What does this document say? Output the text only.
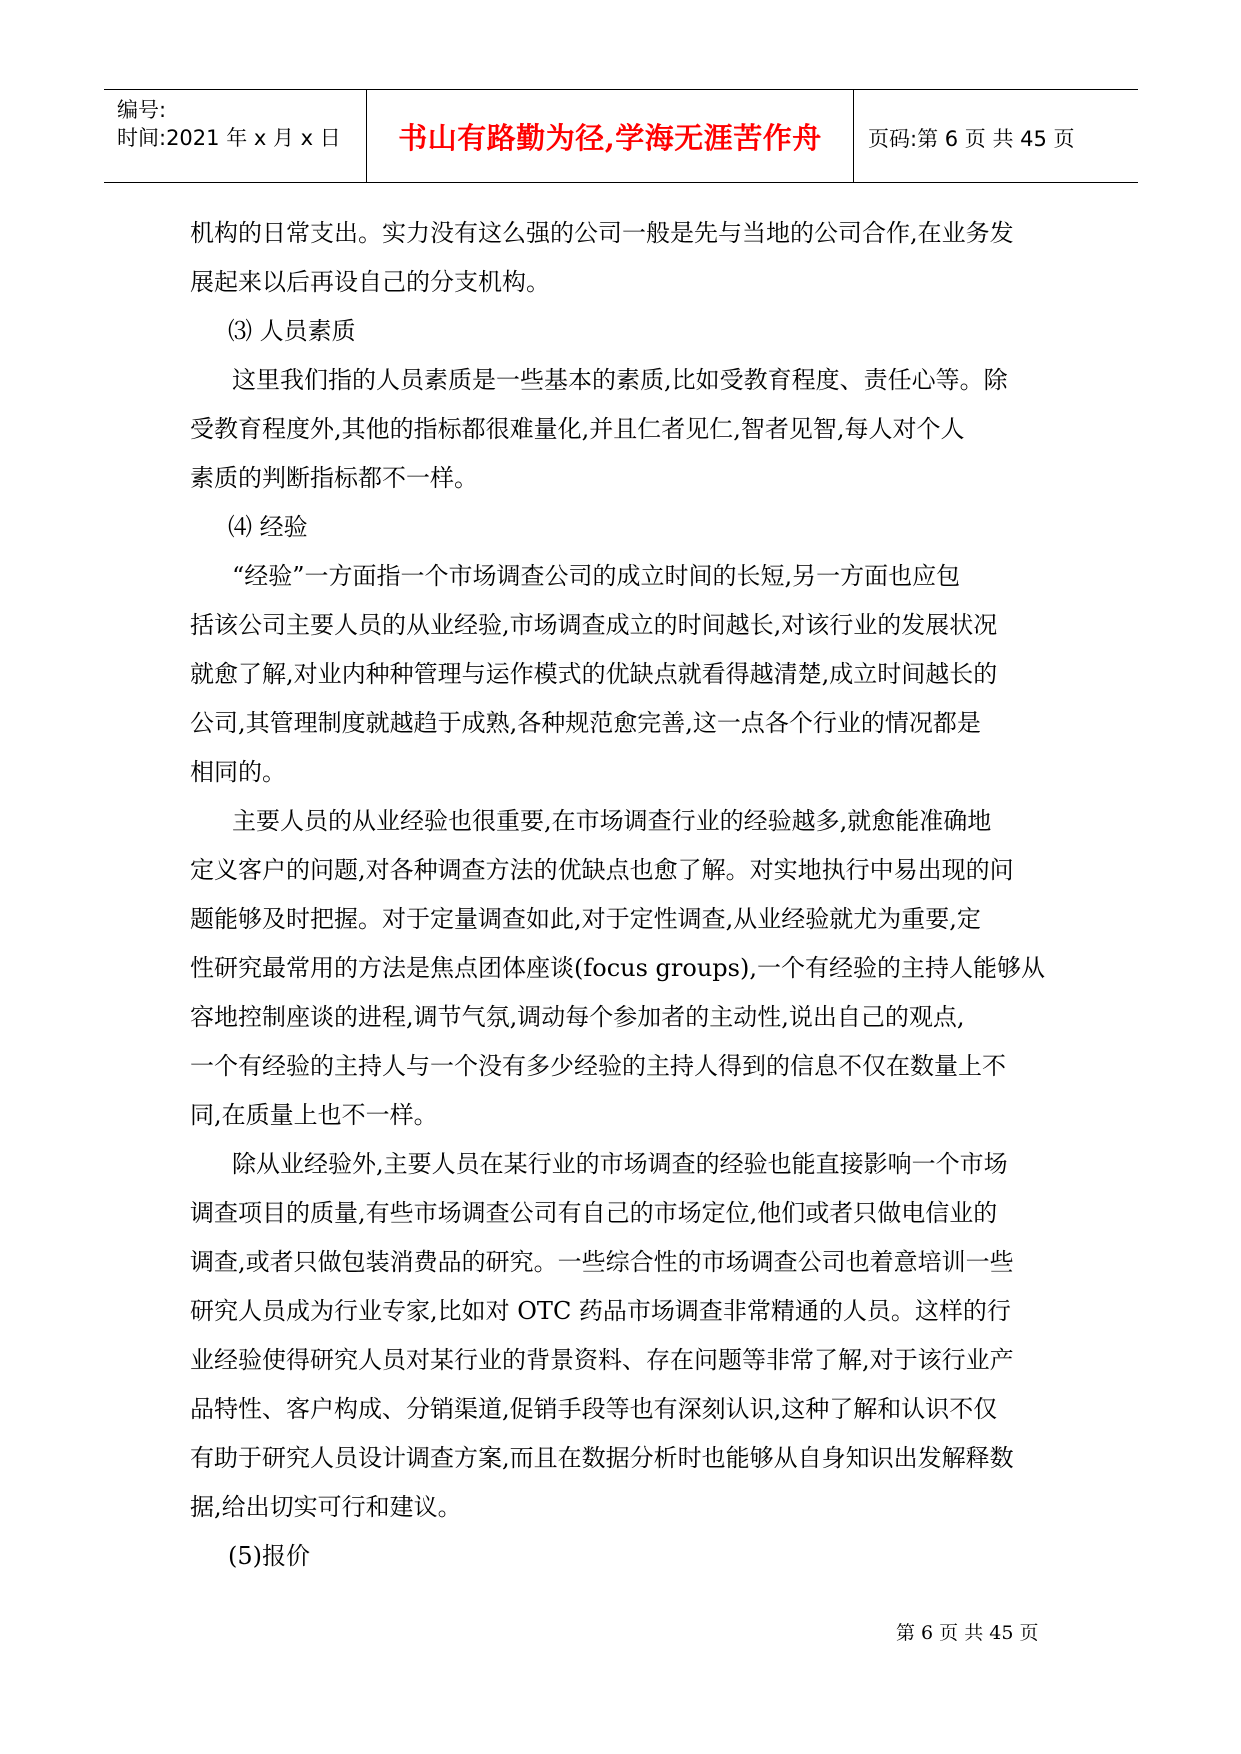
编号:
时间:2021 年 x 月 x 日	书山有路勤为径,学海无涯苦作舟	页码:第 6 页 共 45 页
机构的日常支出。实力没有这么强的公司一般是先与当地的公司合作,在业务发
展起来以后再设自己的分支机构。
⑶ 人员素质
这里我们指的人员素质是一些基本的素质,比如受教育程度、责任心等。除
受教育程度外,其他的指标都很难量化,并且仁者见仁,智者见智,每人对个人
素质的判断指标都不一样。
⑷ 经验
“经验”一方面指一个市场调查公司的成立时间的长短,另一方面也应包
括该公司主要人员的从业经验,市场调查成立的时间越长,对该行业的发展状况
就愈了解,对业内种种管理与运作模式的优缺点就看得越清楚,成立时间越长的
公司,其管理制度就越趋于成熟,各种规范愈完善,这一点各个行业的情况都是
相同的。
主要人员的从业经验也很重要,在市场调查行业的经验越多,就愈能准确地
定义客户的问题,对各种调查方法的优缺点也愈了解。对实地执行中易出现的问
题能够及时把握。对于定量调查如此,对于定性调查,从业经验就尤为重要,定
性研究最常用的方法是焦点团体座谈(focus groups),一个有经验的主持人能够从
容地控制座谈的进程,调节气氛,调动每个参加者的主动性,说出自己的观点,
一个有经验的主持人与一个没有多少经验的主持人得到的信息不仅在数量上不
同,在质量上也不一样。
除从业经验外,主要人员在某行业的市场调查的经验也能直接影响一个市场
调查项目的质量,有些市场调查公司有自己的市场定位,他们或者只做电信业的
调查,或者只做包装消费品的研究。一些综合性的市场调查公司也着意培训一些
研究人员成为行业专家,比如对 OTC 药品市场调查非常精通的人员。这样的行
业经验使得研究人员对某行业的背景资料、存在问题等非常了解,对于该行业产
品特性、客户构成、分销渠道,促销手段等也有深刻认识,这种了解和认识不仅
有助于研究人员设计调查方案,而且在数据分析时也能够从自身知识出发解释数
据,给出切实可行和建议。
(5)报价
第 6 页 共 45 页
